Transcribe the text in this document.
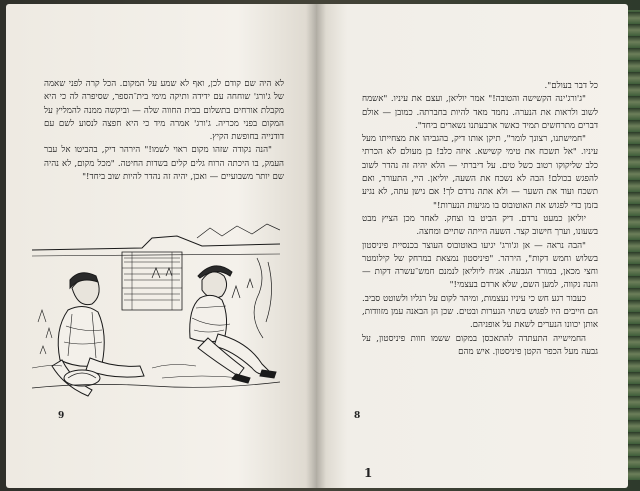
לא היה שם קודם לכן, ואף לא שמע על המקום. הכל קרה לפני שאמה של ג'ורג' שוחחה עם ידידה ותיקה מימי בית־הספר, שסיפרה לה כי היא מקבלת אורחים בתשלום בבית החווה שלה — וביקשה ממנה להמליץ על המקום בפני מכריה. ג'ורג' אמרה מיד כי היא חפצה לנסוע לשם עם דודנייה בחופשת הקיץ.

"הנה נקודה שזהו מקום ראוי לשמו!" הירהר דיק, בהביטו אל עבר העמק, בו היכתה הרוח גלים קלים בשדות החיטה. "מכל מקום, לא נהיה שם יותר משבועיים — ואכן, יהיה זה נהדר להיות שוב ביחד!"

9

כל דבר בעולם".

"ג'ורג'ינה הקשישה והטובה!" אמר יוליאן, ועצם את עיניו. "אשמח לשוב ולראות את הנערה. נחמד מאד להיות בחברתה. כמובן — אולם דברים מתרחשים תמיד כאשר ארבעתנו נשארים ביחד".

"חמישתנו, רצונך לומר", תיקן אותו דיק, בהגביהו את מצחייתו מעל עיניו. "אל תשכח את טימי קשישא. איזה כלב! בן מעולם לא הכרתי כלב שליקוקו רטוב כשל טים. על דיברתי — הלא יהיה זה נהדר לשוב להפגש בכולם! הבה לא נשכח את השעה, יוליאן. היי, התעורר, ואם תשכח ועוד את השער — ולא אתה נרדם לך! אם נישן עתה, לא נגיע בזמן כדי לפגוש את האוטובוס בו מגיעות הנערות!"

יוליאן כמעט נרדם. דיק הביט בו וצחק. לאחר מכן הציץ מבט בשעונו, וערך חישוב קצר. השעה הייתה שתיים ומחצה.

"הבה נראה — אן וג'ורג' יגיעו באוטובוס העוצר בכנסיית פיניסטון בשלוש וחמש דקות", הירהר. "פיניסטון נמצאת במרחק של קילומטר וחצי מכאן, במורד הגבעה. אגיח ליוליאן לנמנם חמש־עשרה דקות — והנה נקווה, למען השם, שלא ארדם בעצמי!"

כעבור רגע חש כי עיניו נעצמות, ומיהר לקום על רגליו ולשוטט סביב. הם חייבים היו לפגוש בשתי הנערות ובטים. שכן הן הבאנה עמן מזוודות, אותן יכוונו הנערים לשאת על אופניהם.

החמישייה התעתדה להתאכסן במקום ששמו חוות פיניסטון, על גבעה מעל הכפר הקטן פיניסטון. איש מהם

8
1
